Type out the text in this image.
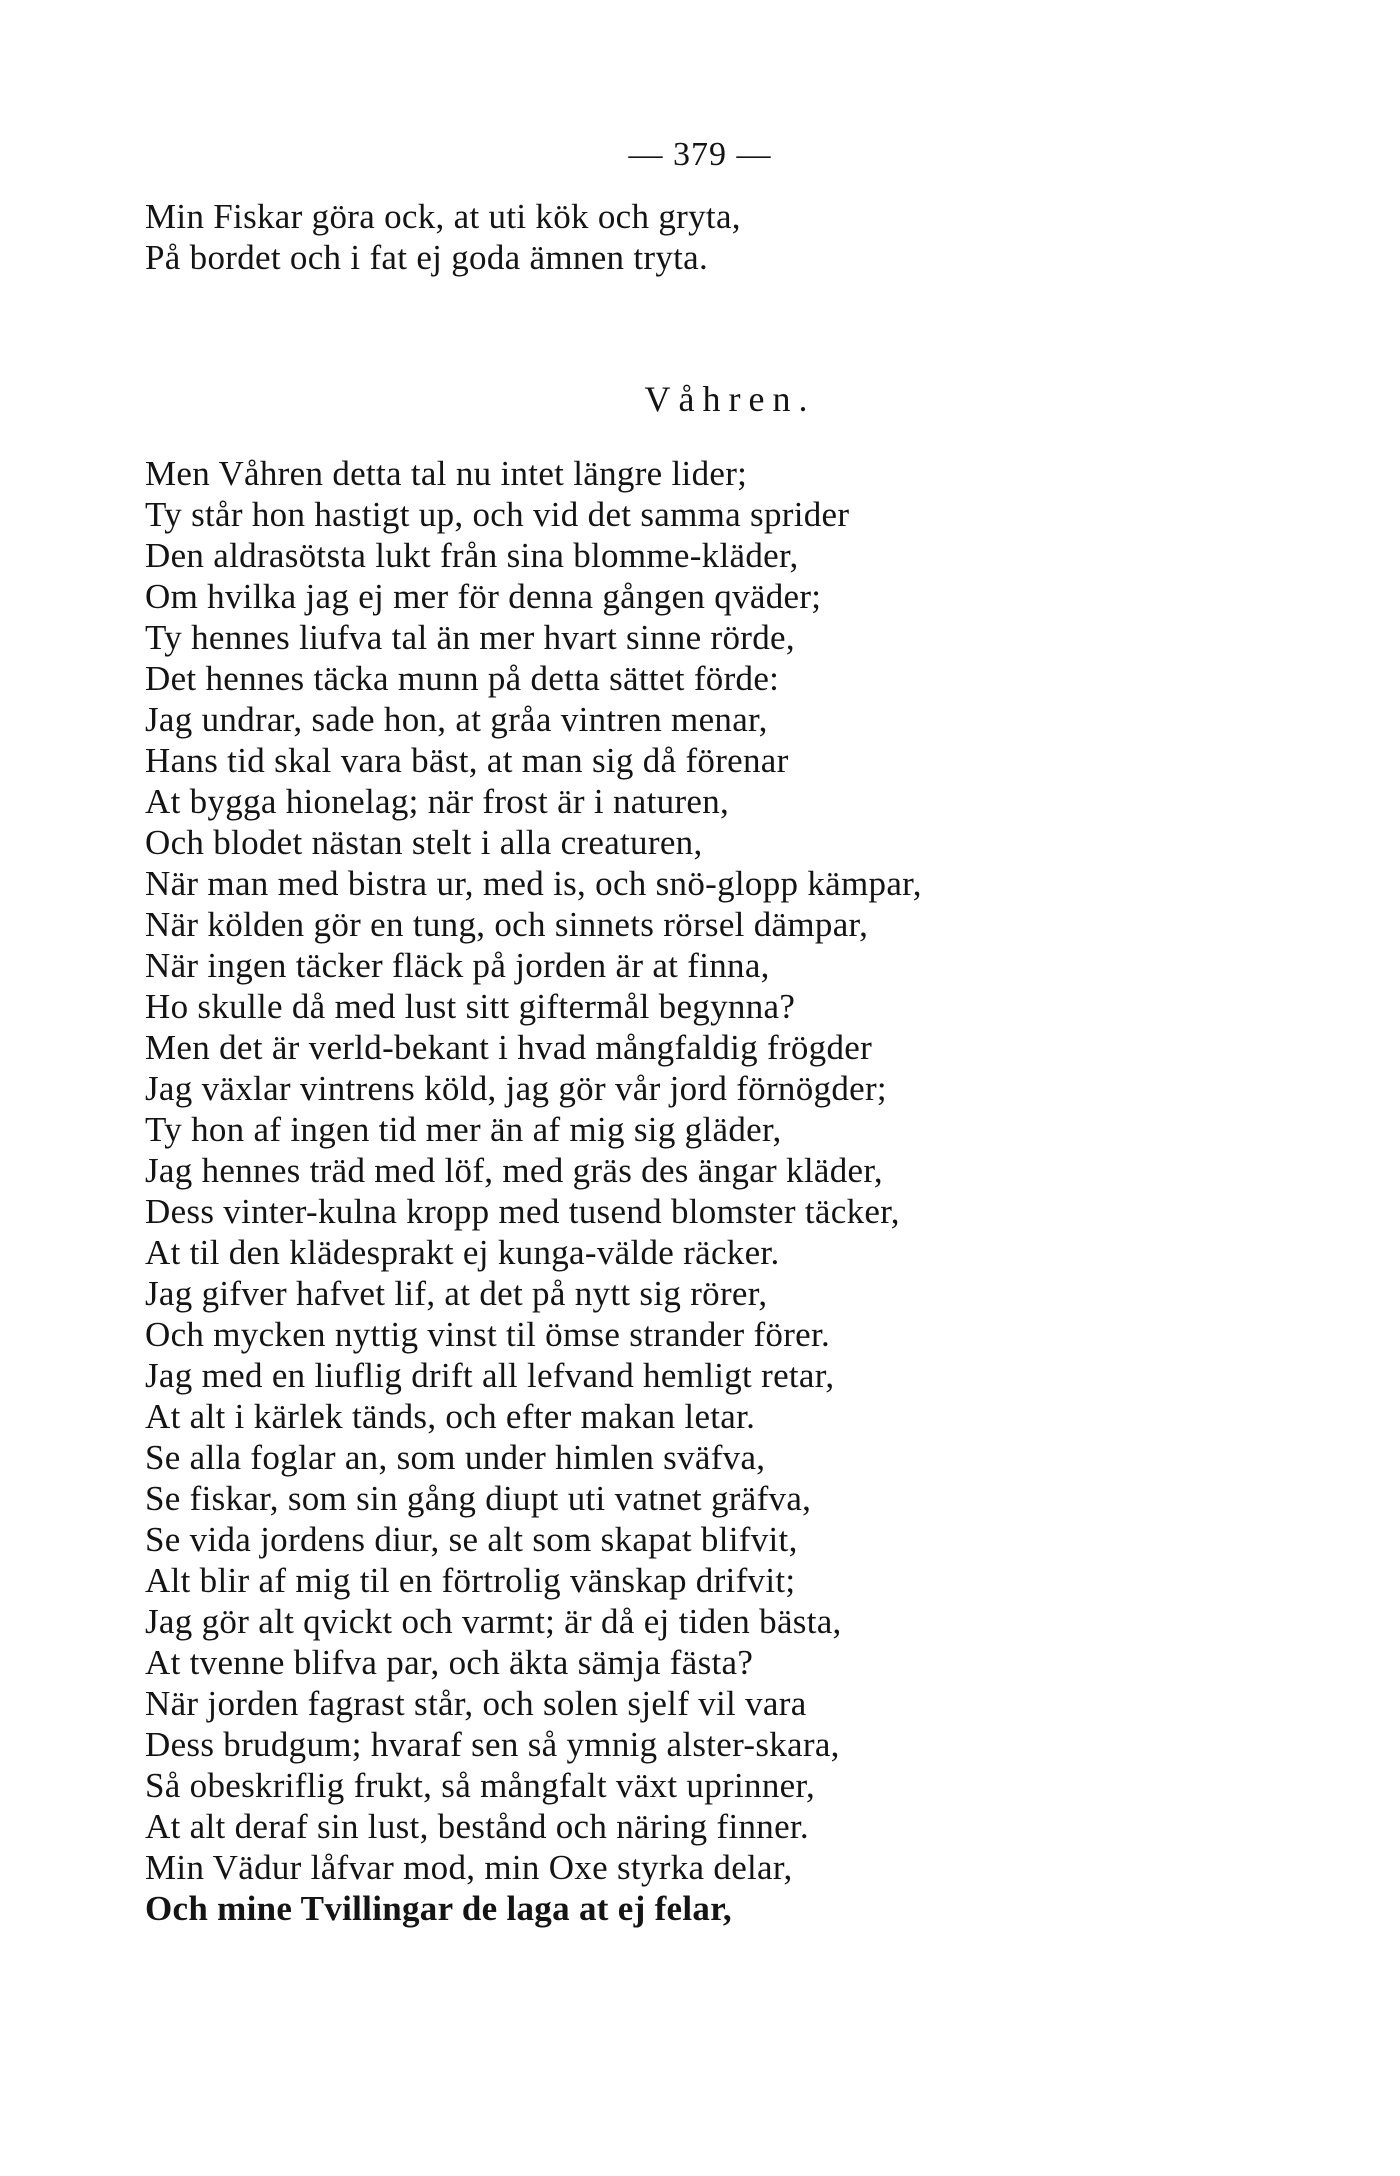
— 379 —
Min Fiskar göra ock, at uti kök och gryta,
På bordet och i fat ej goda ämnen tryta.
Våhren.
Men Våhren detta tal nu intet längre lider;
Ty står hon hastigt up, och vid det samma sprider
Den aldrasötsta lukt från sina blomme-kläder,
Om hvilka jag ej mer för denna gången qväder;
Ty hennes liufva tal än mer hvart sinne rörde,
Det hennes täcka munn på detta sättet förde:
Jag undrar, sade hon, at gråa vintren menar,
Hans tid skal vara bäst, at man sig då förenar
At bygga hionelag; när frost är i naturen,
Och blodet nästan stelt i alla creaturen,
När man med bistra ur, med is, och snö-glopp kämpar,
När kölden gör en tung, och sinnets rörsel dämpar,
När ingen täcker fläck på jorden är at finna,
Ho skulle då med lust sitt giftermål begynna?
Men det är verld-bekant i hvad mångfaldig frögder
Jag växlar vintrens köld, jag gör vår jord förnögder;
Ty hon af ingen tid mer än af mig sig gläder,
Jag hennes träd med löf, med gräs des ängar kläder,
Dess vinter-kulna kropp med tusend blomster täcker,
At til den klädesprakt ej kunga-välde räcker.
Jag gifver hafvet lif, at det på nytt sig rörer,
Och mycken nyttig vinst til ömse strander förer.
Jag med en liuflig drift all lefvand hemligt retar,
At alt i kärlek tänds, och efter makan letar.
Se alla foglar an, som under himlen sväfva,
Se fiskar, som sin gång diupt uti vatnet gräfva,
Se vida jordens diur, se alt som skapat blifvit,
Alt blir af mig til en förtrolig vänskap drifvit;
Jag gör alt qvickt och varmt; är då ej tiden bästa,
At tvenne blifva par, och äkta sämja fästa?
När jorden fagrast står, och solen sjelf vil vara
Dess brudgum; hvaraf sen så ymnig alster-skara,
Så obeskriflig frukt, så mångfalt växt uprinner,
At alt deraf sin lust, bestånd och näring finner.
Min Vädur låfvar mod, min Oxe styrka delar,
Och mine Tvillingar de laga at ej felar,
